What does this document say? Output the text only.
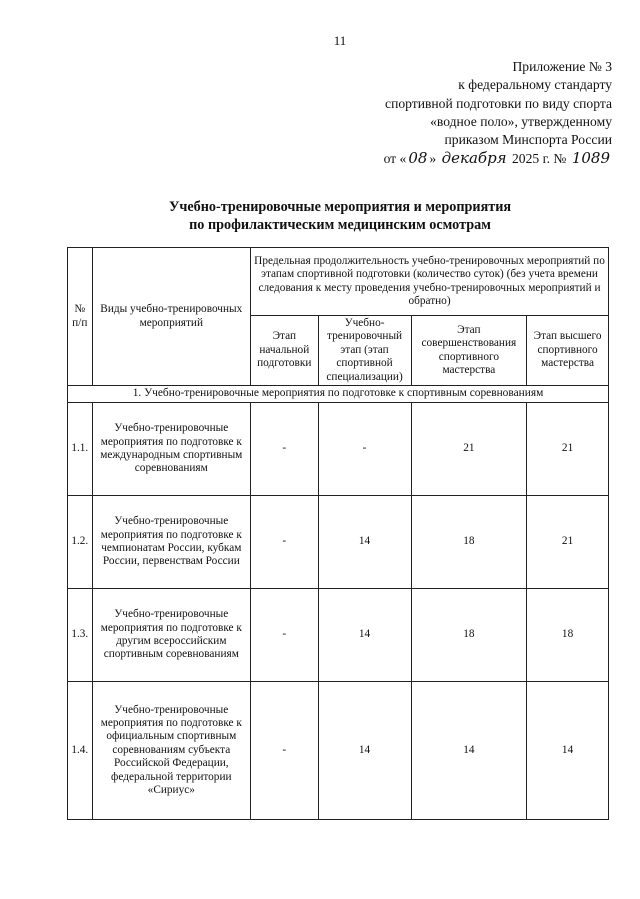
11
Приложение № 3
к федеральному стандарту
спортивной подготовки по виду спорта
«водное поло», утвержденному
приказом Минспорта России
от « 08 » декабря 2025 г. № 1089
Учебно-тренировочные мероприятия и мероприятия
по профилактическим медицинским осмотрам
№ п/п	Виды учебно-тренировочных мероприятий	Предельная продолжительность учебно-тренировочных мероприятий по этапам спортивной подготовки (количество суток) (без учета времени следования к месту проведения учебно-тренировочных мероприятий и обратно)			
		Этап начальной подготовки	Учебно-тренировочный этап (этап спортивной специализации)	Этап совершенствования спортивного мастерства	Этап высшего спортивного мастерства
1. Учебно-тренировочные мероприятия по подготовке к спортивным соревнованиям					
1.1.	Учебно-тренировочные мероприятия по подготовке к международным спортивным соревнованиям	-	-	21	21
1.2.	Учебно-тренировочные мероприятия по подготовке к чемпионатам России, кубкам России, первенствам России	-	14	18	21
1.3.	Учебно-тренировочные мероприятия по подготовке к другим всероссийским спортивным соревнованиям	-	14	18	18
1.4.	Учебно-тренировочные мероприятия по подготовке к официальным спортивным соревнованиям субъекта Российской Федерации, федеральной территории «Сириус»	-	14	14	14
